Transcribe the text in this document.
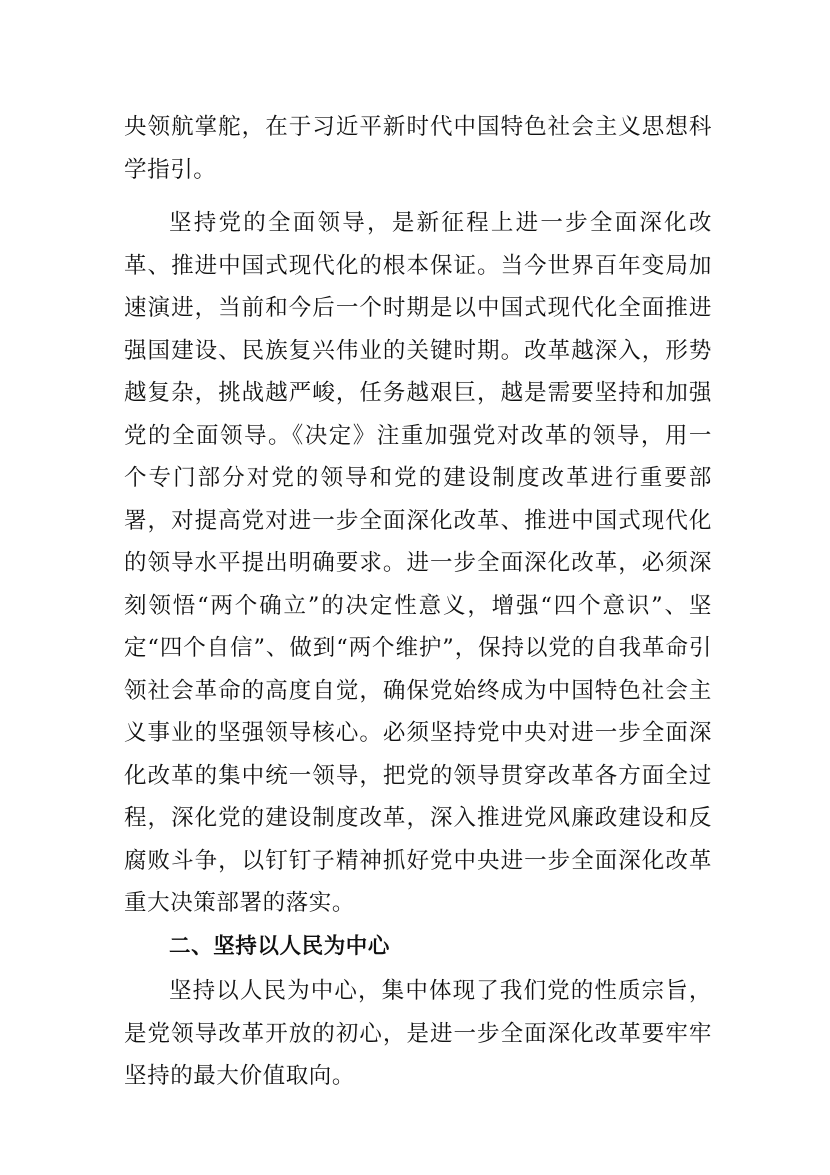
央领航掌舵，在于习近平新时代中国特色社会主义思想科学指引。

坚持党的全面领导，是新征程上进一步全面深化改革、推进中国式现代化的根本保证。当今世界百年变局加速演进，当前和今后一个时期是以中国式现代化全面推进强国建设、民族复兴伟业的关键时期。改革越深入，形势越复杂，挑战越严峻，任务越艰巨，越是需要坚持和加强党的全面领导。《决定》注重加强党对改革的领导，用一个专门部分对党的领导和党的建设制度改革进行重要部署，对提高党对进一步全面深化改革、推进中国式现代化的领导水平提出明确要求。进一步全面深化改革，必须深刻领悟“两个确立”的决定性意义，增强“四个意识”、坚定“四个自信”、做到“两个维护”，保持以党的自我革命引领社会革命的高度自觉，确保党始终成为中国特色社会主义事业的坚强领导核心。必须坚持党中央对进一步全面深化改革的集中统一领导，把党的领导贯穿改革各方面全过程，深化党的建设制度改革，深入推进党风廉政建设和反腐败斗争，以钉钉子精神抓好党中央进一步全面深化改革重大决策部署的落实。

二、坚持以人民为中心

坚持以人民为中心，集中体现了我们党的性质宗旨，是党领导改革开放的初心，是进一步全面深化改革要牢牢坚持的最大价值取向。
